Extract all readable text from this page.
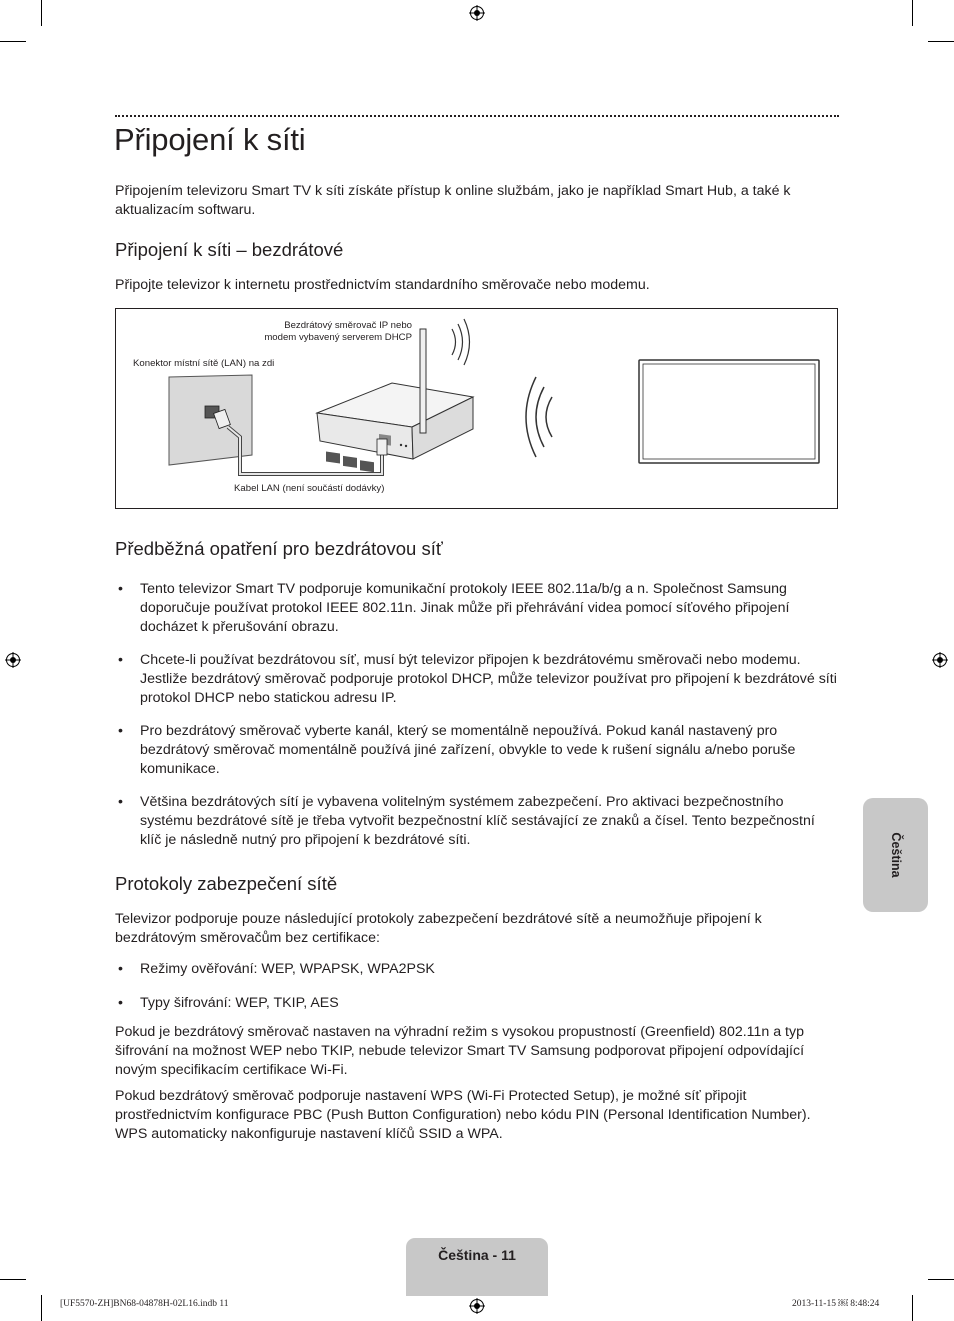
Připojení k síti

Připojením televizoru Smart TV k síti získáte přístup k online službám, jako je například Smart Hub, a také k aktualizacím softwaru.

Připojení k síti – bezdrátové

Připojte televizor k internetu prostřednictvím standardního směrovače nebo modemu.

Bezdrátový směrovač IP nebo
modem vybavený serverem DHCP
Konektor místní sítě (LAN) na zdi
Kabel LAN (není součástí dodávky)
Předběžná opatření pro bezdrátovou síť
• Tento televizor Smart TV podporuje komunikační protokoly IEEE 802.11a/b/g a n. Společnost Samsung doporučuje používat protokol IEEE 802.11n. Jinak může při přehrávání videa pomocí síťového připojení docházet k přerušování obrazu.
• Chcete-li používat bezdrátovou síť, musí být televizor připojen k bezdrátovému směrovači nebo modemu. Jestliže bezdrátový směrovač podporuje protokol DHCP, může televizor používat pro připojení k bezdrátové síti protokol DHCP nebo statickou adresu IP.
• Pro bezdrátový směrovač vyberte kanál, který se momentálně nepoužívá. Pokud kanál nastavený pro bezdrátový směrovač momentálně používá jiné zařízení, obvykle to vede k rušení signálu a/nebo poruše komunikace.
• Většina bezdrátových sítí je vybavena volitelným systémem zabezpečení. Pro aktivaci bezpečnostního systému bezdrátové sítě je třeba vytvořit bezpečnostní klíč sestávající ze znaků a čísel. Tento bezpečnostní klíč je následně nutný pro připojení k bezdrátové síti.
Protokoly zabezpečení sítě

Televizor podporuje pouze následující protokoly zabezpečení bezdrátové sítě a neumožňuje připojení k bezdrátovým směrovačům bez certifikace:

• Režimy ověřování: WEP, WPAPSK, WPA2PSK
• Typy šifrování: WEP, TKIP, AES

Pokud je bezdrátový směrovač nastaven na výhradní režim s vysokou propustností (Greenfield) 802.11n a typ šifrování na možnost WEP nebo TKIP, nebude televizor Smart TV Samsung podporovat připojení odpovídající novým specifikacím certifikace Wi-Fi.

Pokud bezdrátový směrovač podporuje nastavení WPS (Wi-Fi Protected Setup), je možné síť připojit prostřednictvím konfigurace PBC (Push Button Configuration) nebo kódu PIN (Personal Identification Number). WPS automaticky nakonfiguruje nastavení klíčů SSID a WPA.

Čeština
Čeština - 11
[UF5570-ZH]BN68-04878H-02L16.indb 11	2013-11-15 ￼ 8:48:24
